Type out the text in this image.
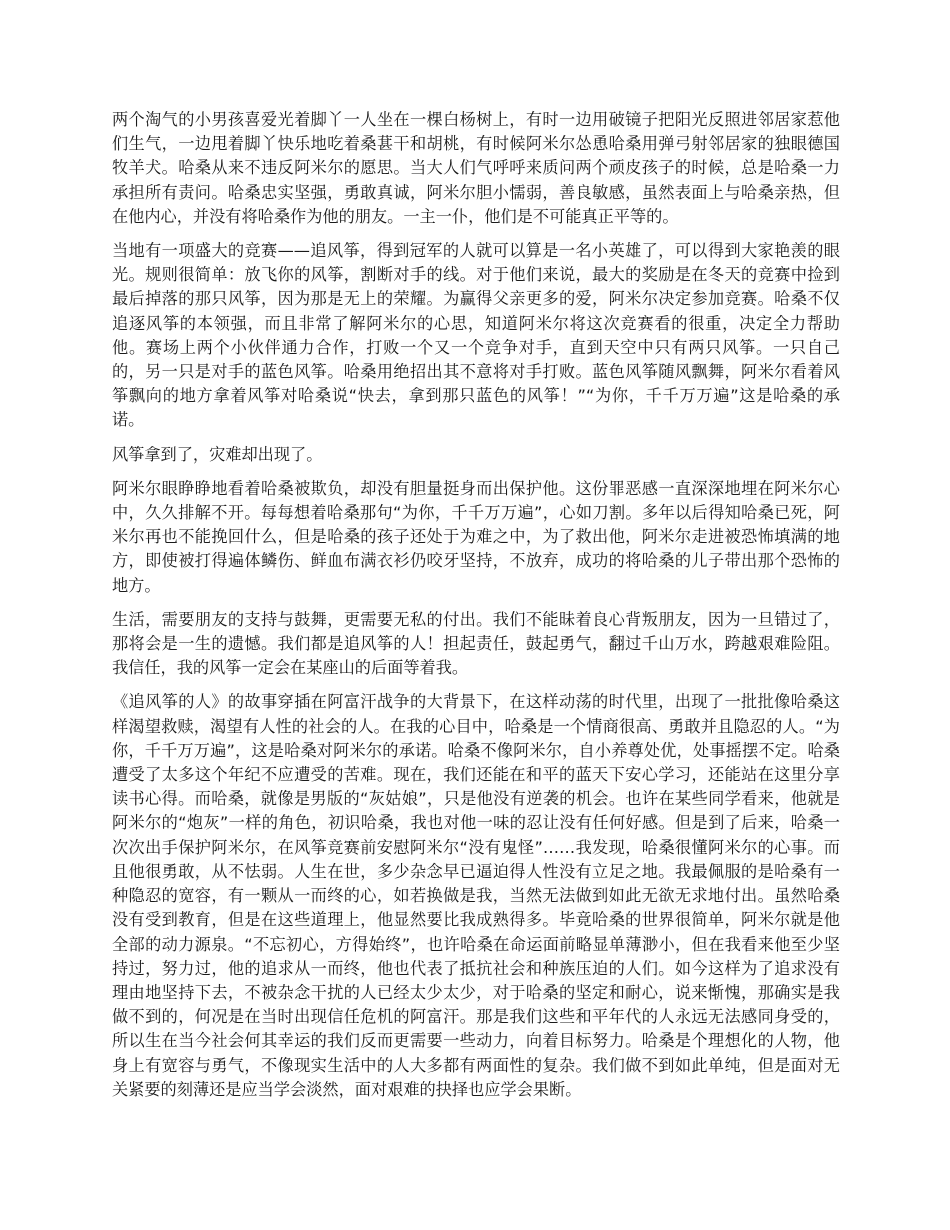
两个淘气的小男孩喜爱光着脚丫一人坐在一棵白杨树上，有时一边用破镜子把阳光反照进邻居家惹他们生气，一边甩着脚丫快乐地吃着桑葚干和胡桃，有时候阿米尔怂恿哈桑用弹弓射邻居家的独眼德国牧羊犬。哈桑从来不违反阿米尔的愿思。当大人们气呼呼来质问两个顽皮孩子的时候，总是哈桑一力承担所有责问。哈桑忠实坚强，勇敢真诚，阿米尔胆小懦弱，善良敏感，虽然表面上与哈桑亲热，但在他内心，并没有将哈桑作为他的朋友。一主一仆，他们是不可能真正平等的。

当地有一项盛大的竞赛——追风筝，得到冠军的人就可以算是一名小英雄了，可以得到大家艳羡的眼光。规则很简单：放飞你的风筝，割断对手的线。对于他们来说，最大的奖励是在冬天的竞赛中捡到最后掉落的那只风筝，因为那是无上的荣耀。为赢得父亲更多的爱，阿米尔决定参加竞赛。哈桑不仅追逐风筝的本领强，而且非常了解阿米尔的心思，知道阿米尔将这次竞赛看的很重，决定全力帮助他。赛场上两个小伙伴通力合作，打败一个又一个竞争对手，直到天空中只有两只风筝。一只自己的，另一只是对手的蓝色风筝。哈桑用绝招出其不意将对手打败。蓝色风筝随风飘舞，阿米尔看着风筝飘向的地方拿着风筝对哈桑说“快去，拿到那只蓝色的风筝！”“为你，千千万万遍”这是哈桑的承诺。

风筝拿到了，灾难却出现了。

阿米尔眼睁睁地看着哈桑被欺负，却没有胆量挺身而出保护他。这份罪恶感一直深深地埋在阿米尔心中，久久排解不开。每每想着哈桑那句“为你，千千万万遍”，心如刀割。多年以后得知哈桑已死，阿米尔再也不能挽回什么，但是哈桑的孩子还处于为难之中，为了救出他，阿米尔走进被恐怖填满的地方，即使被打得遍体鳞伤、鲜血布满衣衫仍咬牙坚持，不放弃，成功的将哈桑的儿子带出那个恐怖的地方。

生活，需要朋友的支持与鼓舞，更需要无私的付出。我们不能昧着良心背叛朋友，因为一旦错过了，那将会是一生的遗憾。我们都是追风筝的人！担起责任，鼓起勇气，翻过千山万水，跨越艰难险阻。我信任，我的风筝一定会在某座山的后面等着我。

《追风筝的人》的故事穿插在阿富汗战争的大背景下，在这样动荡的时代里，出现了一批批像哈桑这样渴望救赎，渴望有人性的社会的人。在我的心目中，哈桑是一个情商很高、勇敢并且隐忍的人。“为你，千千万万遍”，这是哈桑对阿米尔的承诺。哈桑不像阿米尔，自小养尊处优，处事摇摆不定。哈桑遭受了太多这个年纪不应遭受的苦难。现在，我们还能在和平的蓝天下安心学习，还能站在这里分享读书心得。而哈桑，就像是男版的“灰姑娘”，只是他没有逆袭的机会。也许在某些同学看来，他就是阿米尔的“炮灰”一样的角色，初识哈桑，我也对他一味的忍让没有任何好感。但是到了后来，哈桑一次次出手保护阿米尔，在风筝竞赛前安慰阿米尔“没有鬼怪”……我发现，哈桑很懂阿米尔的心事。而且他很勇敢，从不怯弱。人生在世，多少杂念早已逼迫得人性没有立足之地。我最佩服的是哈桑有一种隐忍的宽容，有一颗从一而终的心，如若换做是我，当然无法做到如此无欲无求地付出。虽然哈桑没有受到教育，但是在这些道理上，他显然要比我成熟得多。毕竟哈桑的世界很简单，阿米尔就是他全部的动力源泉。“不忘初心，方得始终”，也许哈桑在命运面前略显单薄渺小，但在我看来他至少坚持过，努力过，他的追求从一而终，他也代表了抵抗社会和种族压迫的人们。如今这样为了追求没有理由地坚持下去，不被杂念干扰的人已经太少太少，对于哈桑的坚定和耐心，说来惭愧，那确实是我做不到的，何况是在当时出现信任危机的阿富汗。那是我们这些和平年代的人永远无法感同身受的，所以生在当今社会何其幸运的我们反而更需要一些动力，向着目标努力。哈桑是个理想化的人物，他身上有宽容与勇气，不像现实生活中的人大多都有两面性的复杂。我们做不到如此单纯，但是面对无关紧要的刻薄还是应当学会淡然，面对艰难的抉择也应学会果断。
